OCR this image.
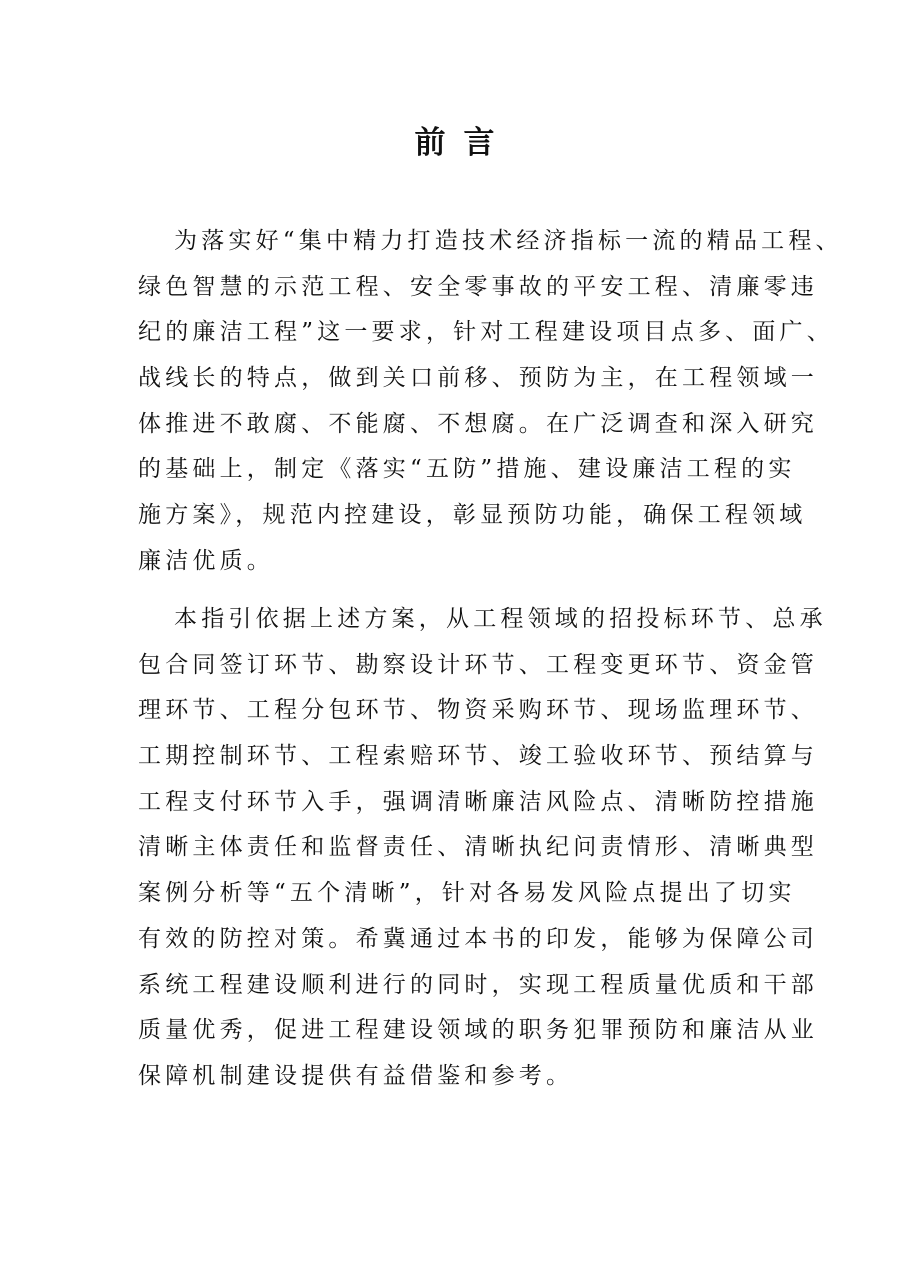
前言
为落实好“集中精力打造技术经济指标一流的精品工程、
绿色智慧的示范工程、安全零事故的平安工程、清廉零违
纪的廉洁工程”这一要求，针对工程建设项目点多、面广、
战线长的特点，做到关口前移、预防为主，在工程领域一
体推进不敢腐、不能腐、不想腐。在广泛调查和深入研究
的基础上，制定《落实“五防”措施、建设廉洁工程的实
施方案》，规范内控建设，彰显预防功能，确保工程领域
廉洁优质。
本指引依据上述方案，从工程领域的招投标环节、总承
包合同签订环节、勘察设计环节、工程变更环节、资金管
理环节、工程分包环节、物资采购环节、现场监理环节、
工期控制环节、工程索赔环节、竣工验收环节、预结算与
工程支付环节入手，强调清晰廉洁风险点、清晰防控措施
清晰主体责任和监督责任、清晰执纪问责情形、清晰典型
案例分析等“五个清晰”，针对各易发风险点提出了切实
有效的防控对策。希冀通过本书的印发，能够为保障公司
系统工程建设顺利进行的同时，实现工程质量优质和干部
质量优秀，促进工程建设领域的职务犯罪预防和廉洁从业
保障机制建设提供有益借鉴和参考。
